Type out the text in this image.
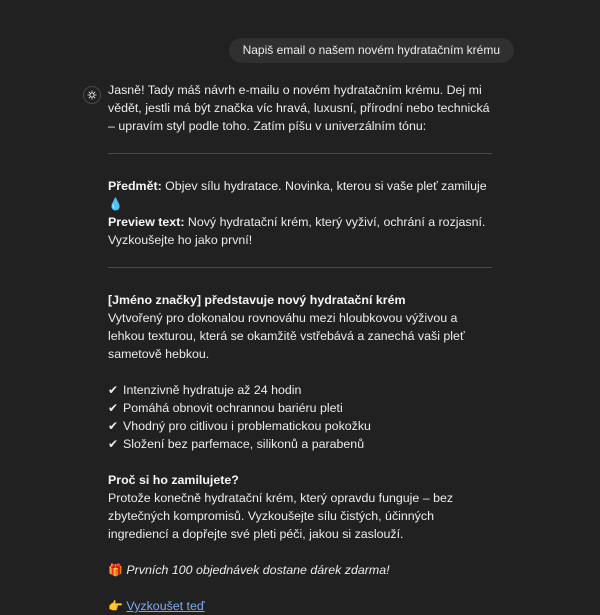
Napiš email o našem novém hydratačním krému

Jasně! Tady máš návrh e-mailu o novém hydratačním krému. Dej mi vědět, jestli má být značka víc hravá, luxusní, přírodní nebo technická – upravím styl podle toho. Zatím píšu v univerzálním tónu:

Předmět: Objev sílu hydratace. Novinka, kterou si vaše pleť zamiluje 💧

Preview text: Nový hydratační krém, který vyživí, ochrání a rozjasní. Vyzkoušejte ho jako první!

[Jméno značky] představuje nový hydratační krém

Vytvořený pro dokonalou rovnováhu mezi hloubkovou výživou a lehkou texturou, která se okamžitě vstřebává a zanechá vaši pleť sametově hebkou.

✔ Intenzivně hydratuje až 24 hodin
✔ Pomáhá obnovit ochrannou bariéru pleti
✔ Vhodný pro citlivou i problematickou pokožku
✔ Složení bez parfemace, silikonů a parabenů

Proč si ho zamilujete?

Protože konečně hydratační krém, který opravdu funguje – bez zbytečných kompromisů. Vyzkoušejte sílu čistých, účinných ingrediencí a dopřejte své pleti péči, jakou si zaslouží.

🎁 Prvních 100 objednávek dostane dárek zdarma!

👉 Vyzkoušet teď
